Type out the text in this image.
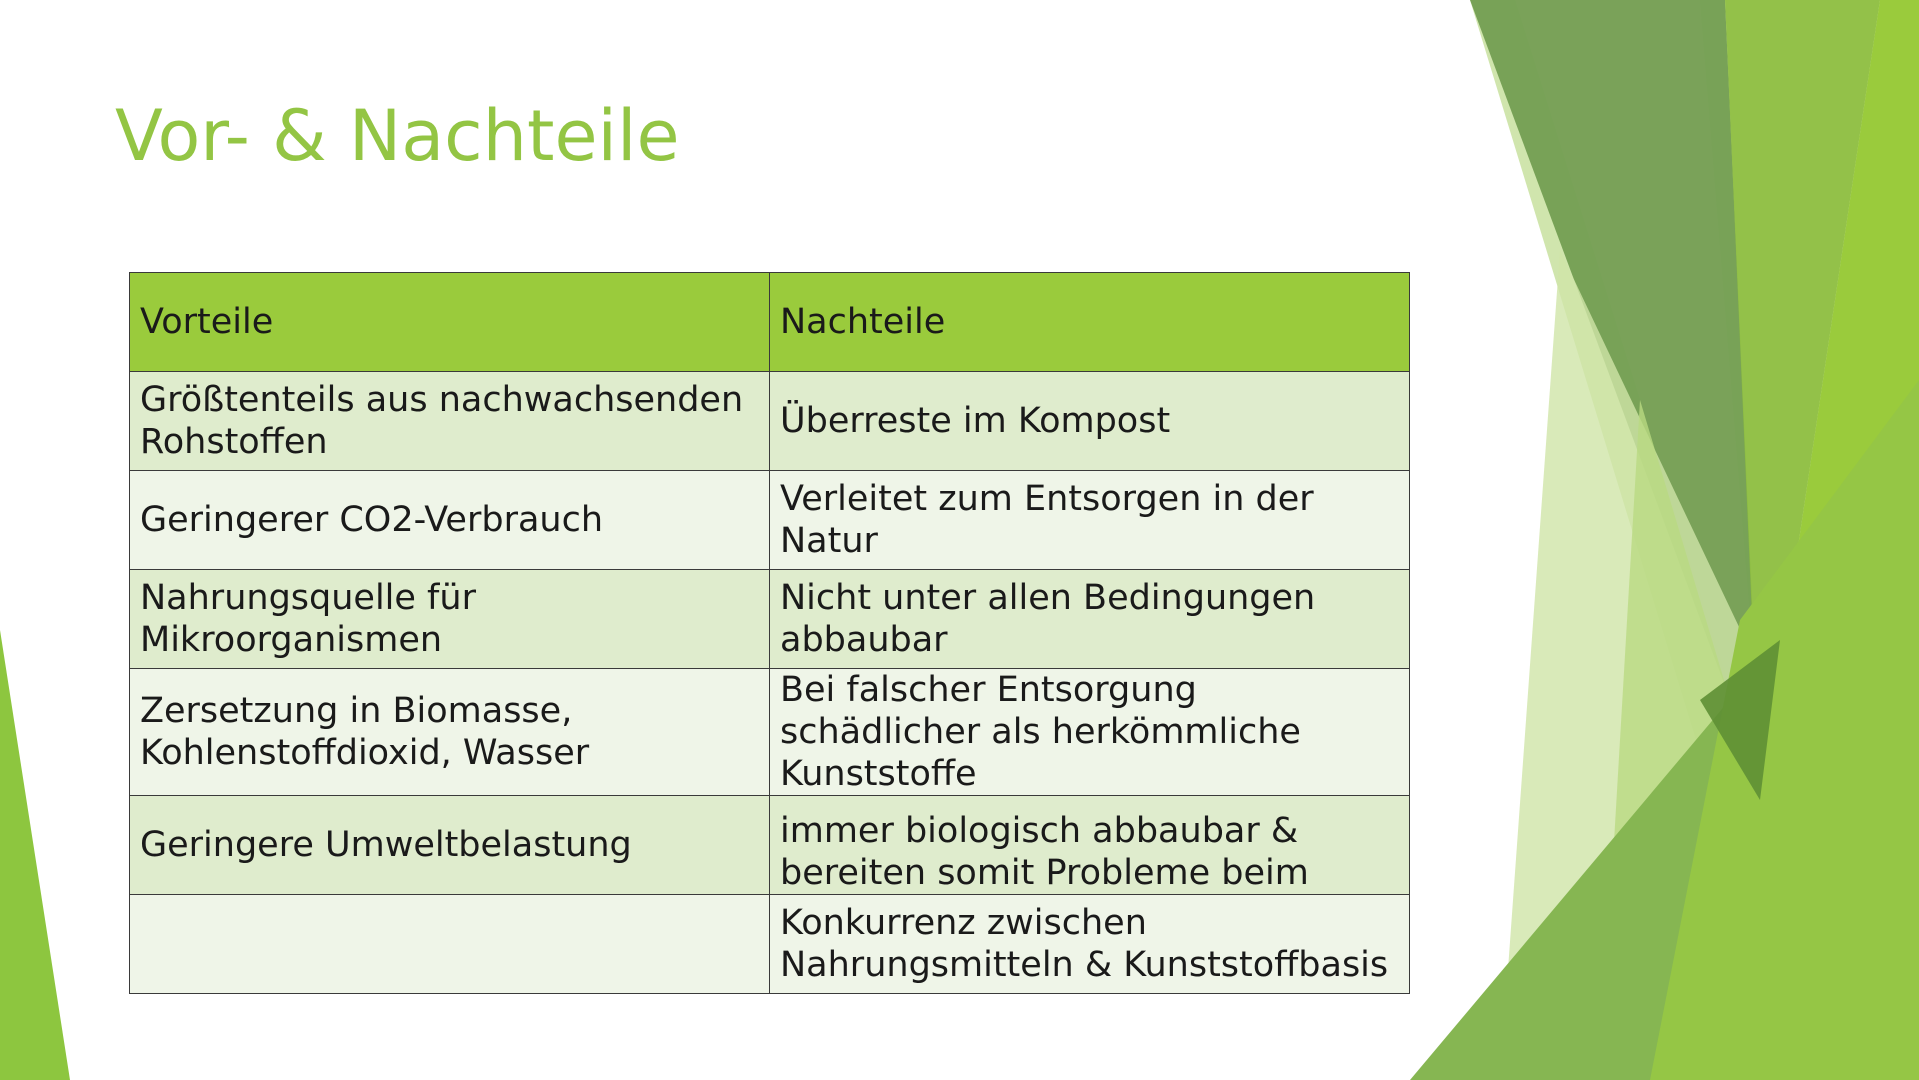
Vor- & Nachteile
Vorteile	Nachteile
Größtenteils aus nachwachsenden Rohstoffen	Überreste im Kompost
Geringerer CO2-Verbrauch	Verleitet zum Entsorgen in der Natur
Nahrungsquelle für Mikroorganismen	Nicht unter allen Bedingungen abbaubar
Zersetzung in Biomasse, Kohlenstoffdioxid, Wasser	Bei falscher Entsorgung schädlicher als herkömmliche Kunststoffe
Geringere Umweltbelastung	immer biologisch abbaubar & bereiten somit Probleme beim

	Konkurrenz zwischen Nahrungsmitteln & Kunststoffbasis
